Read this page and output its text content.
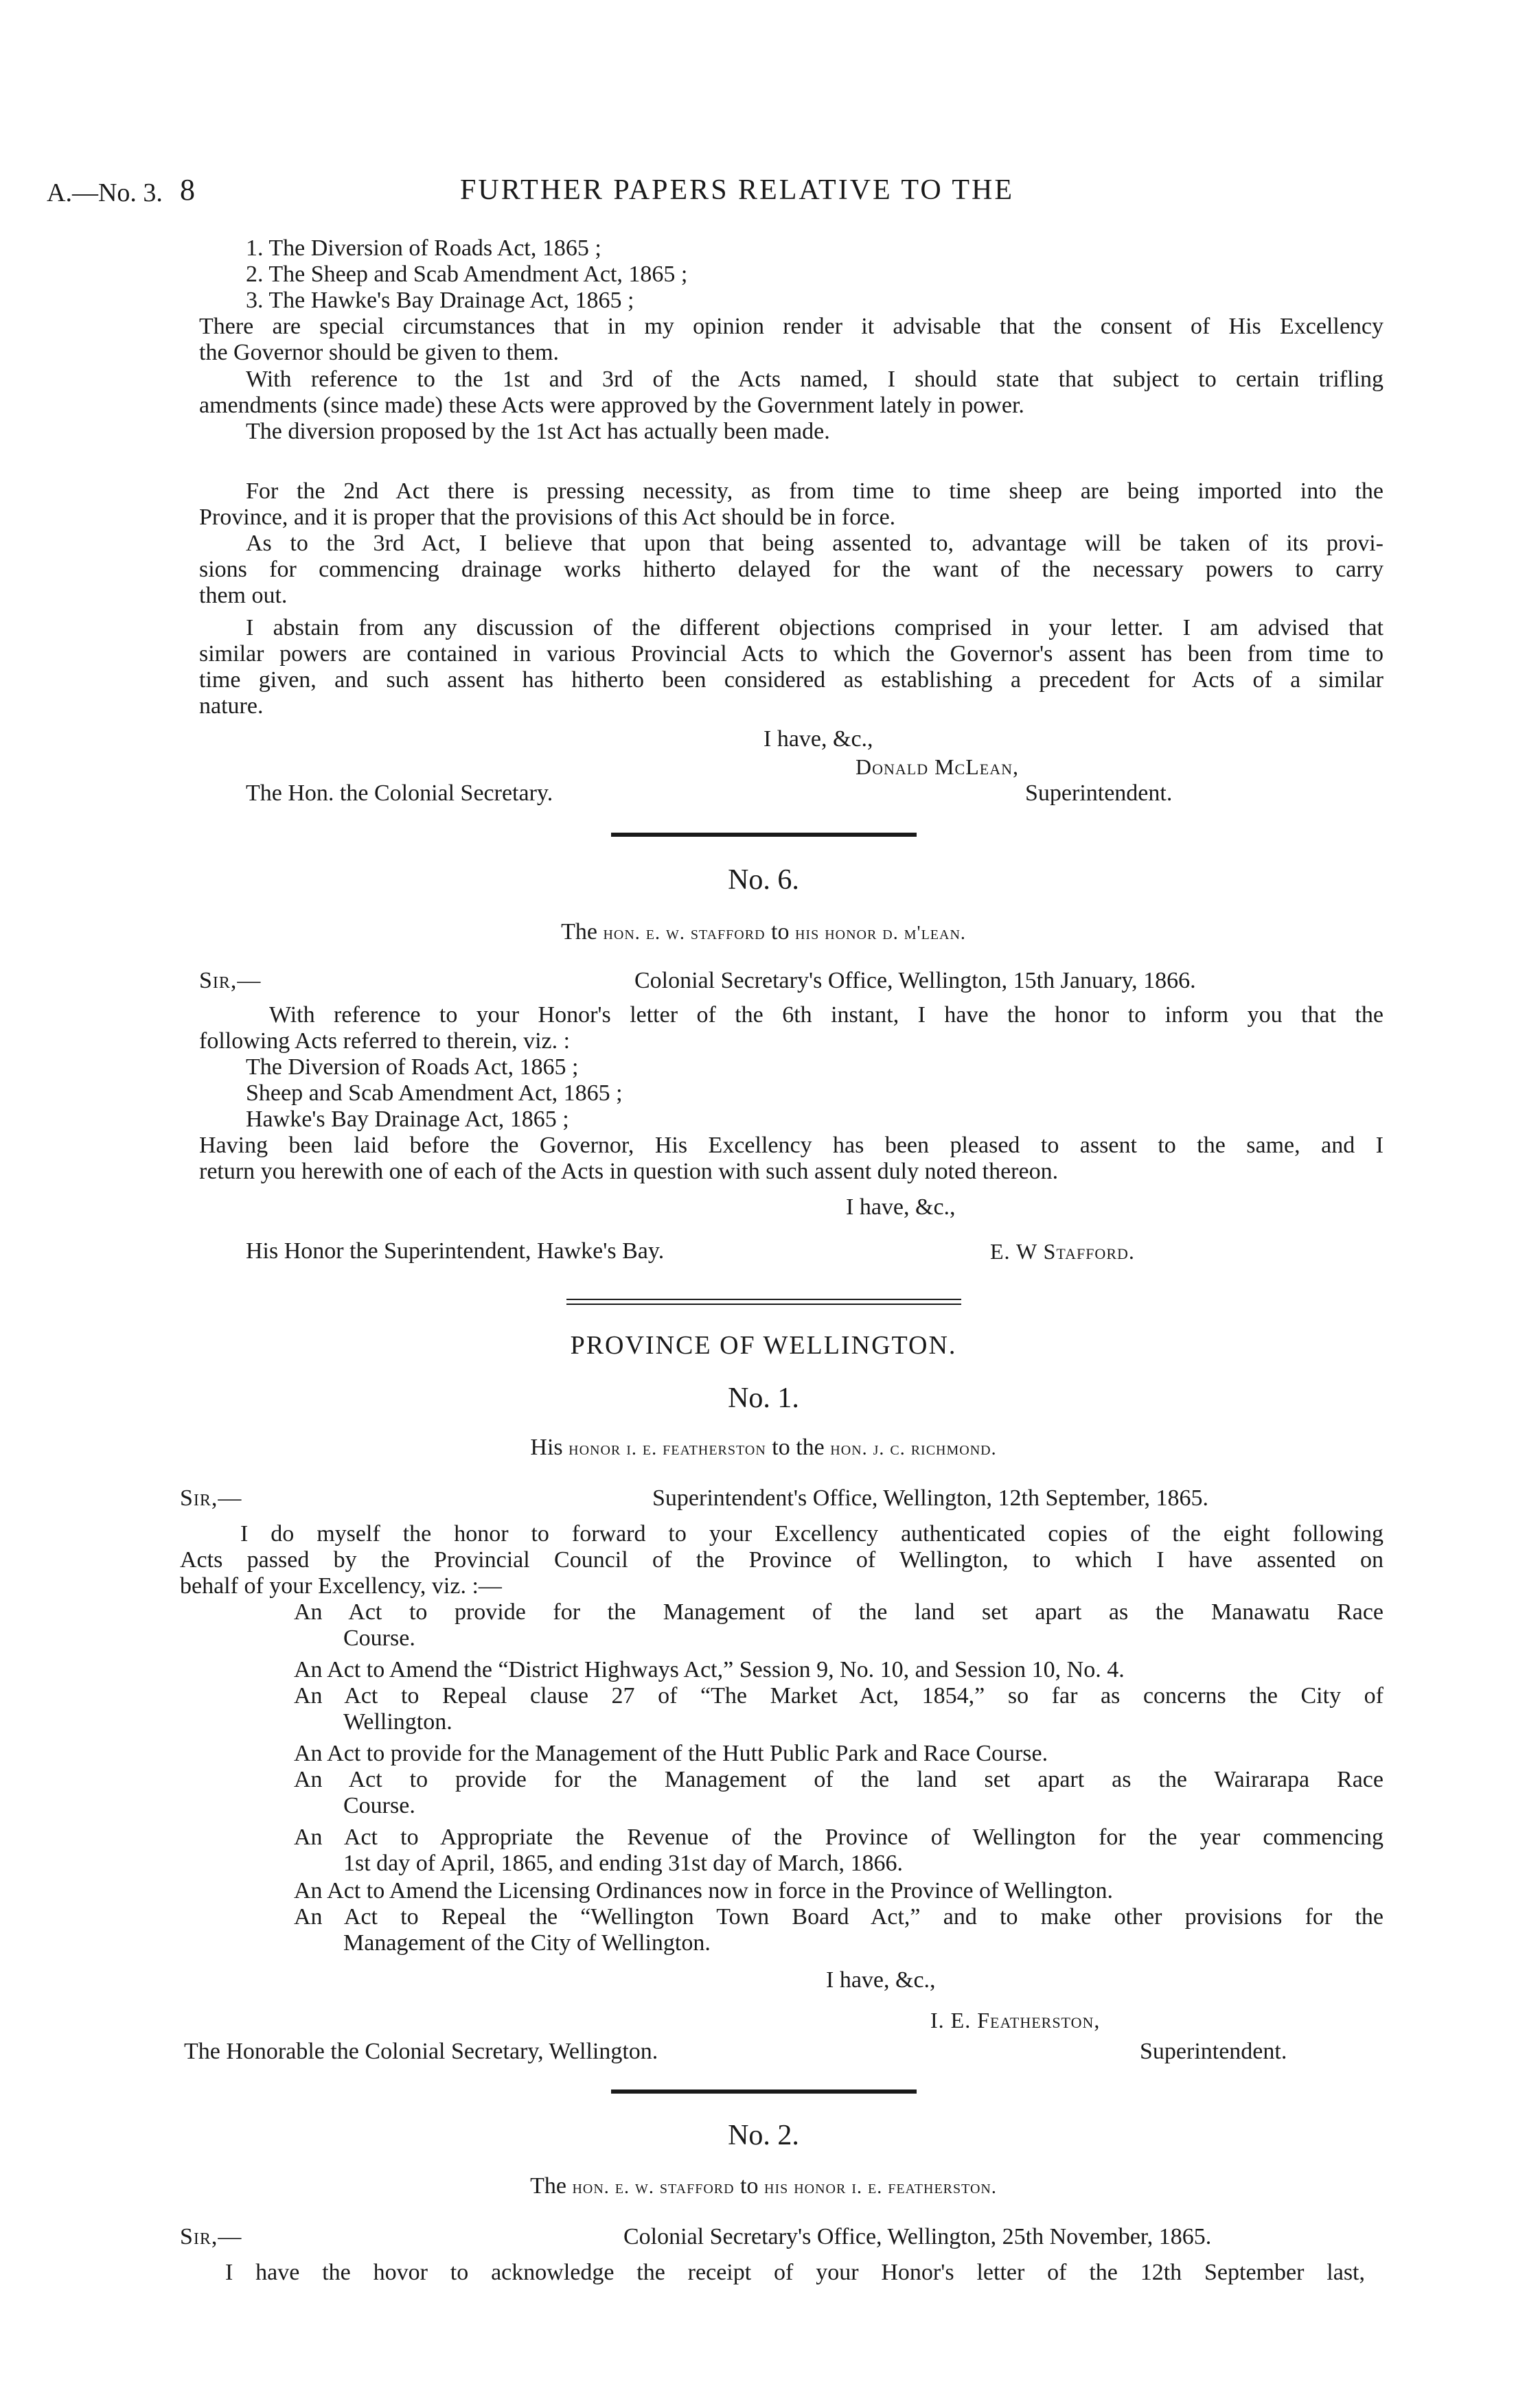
A.—No. 3. 8	FURTHER PAPERS RELATIVE TO THE
1. The Diversion of Roads Act, 1865 ;
2. The Sheep and Scab Amendment Act, 1865 ;
3. The Hawke's Bay Drainage Act, 1865 ;
There are special circumstances that in my opinion render it advisable that the consent of His Excellency
the Governor should be given to them.
With reference to the 1st and 3rd of the Acts named, I should state that subject to certain trifling
amendments (since made) these Acts were approved by the Government lately in power.
The diversion proposed by the 1st Act has actually been made.
For the 2nd Act there is pressing necessity, as from time to time sheep are being imported into the
Province, and it is proper that the provisions of this Act should be in force.
As to the 3rd Act, I believe that upon that being assented to, advantage will be taken of its provi-
sions for commencing drainage works hitherto delayed for the want of the necessary powers to carry
them out.
I abstain from any discussion of the different objections comprised in your letter. I am advised that
similar powers are contained in various Provincial Acts to which the Governor's assent has been from time to
time given, and such assent has hitherto been considered as establishing a precedent for Acts of a similar
nature.
I have, &c.,
Donald McLean,
The Hon. the Colonial Secretary.	Superintendent.
No. 6.
The hon. e. w. stafford to his honor d. m'lean.
Sir,—	Colonial Secretary's Office, Wellington, 15th January, 1866.
With reference to your Honor's letter of the 6th instant, I have the honor to inform you that the
following Acts referred to therein, viz. :
The Diversion of Roads Act, 1865 ;
Sheep and Scab Amendment Act, 1865 ;
Hawke's Bay Drainage Act, 1865 ;
Having been laid before the Governor, His Excellency has been pleased to assent to the same, and I
return you herewith one of each of the Acts in question with such assent duly noted thereon.
I have, &c.,
His Honor the Superintendent, Hawke's Bay.	E. W Stafford.
PROVINCE OF WELLINGTON.
No. 1.
His honor i. e. featherston to the hon. j. c. richmond.
Sir,—	Superintendent's Office, Wellington, 12th September, 1865.
I do myself the honor to forward to your Excellency authenticated copies of the eight following
Acts passed by the Provincial Council of the Province of Wellington, to which I have assented on
behalf of your Excellency, viz. :—
An Act to provide for the Management of the land set apart as the Manawatu Race
Course.
An Act to Amend the “District Highways Act,” Session 9, No. 10, and Session 10, No. 4.
An Act to Repeal clause 27 of “The Market Act, 1854,” so far as concerns the City of
Wellington.
An Act to provide for the Management of the Hutt Public Park and Race Course.
An Act to provide for the Management of the land set apart as the Wairarapa Race
Course.
An Act to Appropriate the Revenue of the Province of Wellington for the year commencing
1st day of April, 1865, and ending 31st day of March, 1866.
An Act to Amend the Licensing Ordinances now in force in the Province of Wellington.
An Act to Repeal the “Wellington Town Board Act,” and to make other provisions for the
Management of the City of Wellington.
I have, &c.,
I. E. Featherston,
The Honorable the Colonial Secretary, Wellington.	Superintendent.
No. 2.
The hon. e. w. stafford to his honor i. e. featherston.
Sir,—	Colonial Secretary's Office, Wellington, 25th November, 1865.
I have the hovor to acknowledge the receipt of your Honor's letter of the 12th September last,
